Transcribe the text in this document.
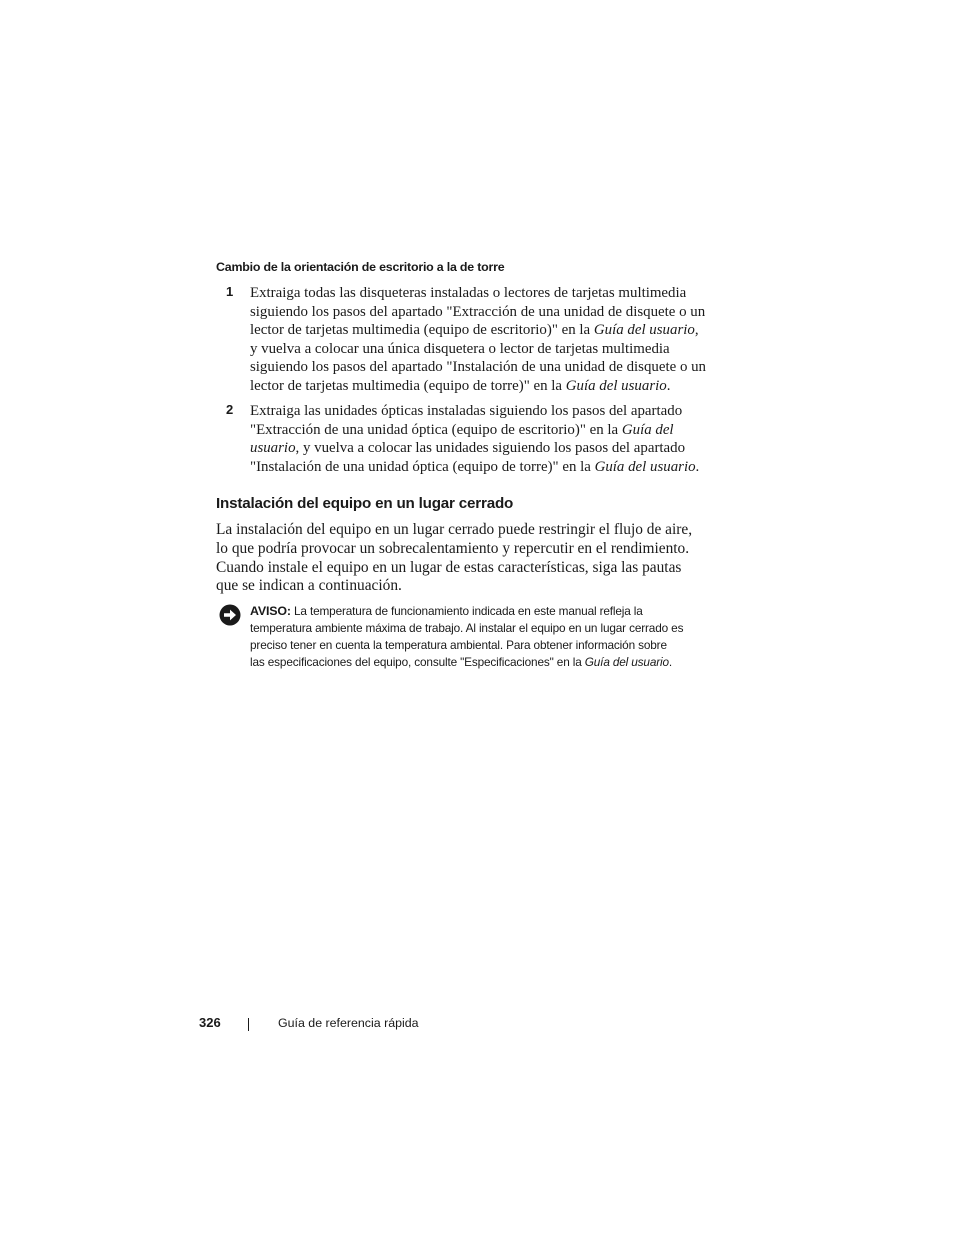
Cambio de la orientación de escritorio a la de torre
1 Extraiga todas las disqueteras instaladas o lectores de tarjetas multimedia
siguiendo los pasos del apartado "Extracción de una unidad de disquete o un
lector de tarjetas multimedia (equipo de escritorio)" en la Guía del usuario,
y vuelva a colocar una única disquetera o lector de tarjetas multimedia
siguiendo los pasos del apartado "Instalación de una unidad de disquete o un
lector de tarjetas multimedia (equipo de torre)" en la Guía del usuario.
2 Extraiga las unidades ópticas instaladas siguiendo los pasos del apartado
"Extracción de una unidad óptica (equipo de escritorio)" en la Guía del
usuario, y vuelva a colocar las unidades siguiendo los pasos del apartado
"Instalación de una unidad óptica (equipo de torre)" en la Guía del usuario.
Instalación del equipo en un lugar cerrado
La instalación del equipo en un lugar cerrado puede restringir el flujo de aire,
lo que podría provocar un sobrecalentamiento y repercutir en el rendimiento.
Cuando instale el equipo en un lugar de estas características, siga las pautas
que se indican a continuación.
AVISO: La temperatura de funcionamiento indicada en este manual refleja la
temperatura ambiente máxima de trabajo. Al instalar el equipo en un lugar cerrado es
preciso tener en cuenta la temperatura ambiental. Para obtener información sobre
las especificaciones del equipo, consulte "Especificaciones" en la Guía del usuario.
326	Guía de referencia rápida
